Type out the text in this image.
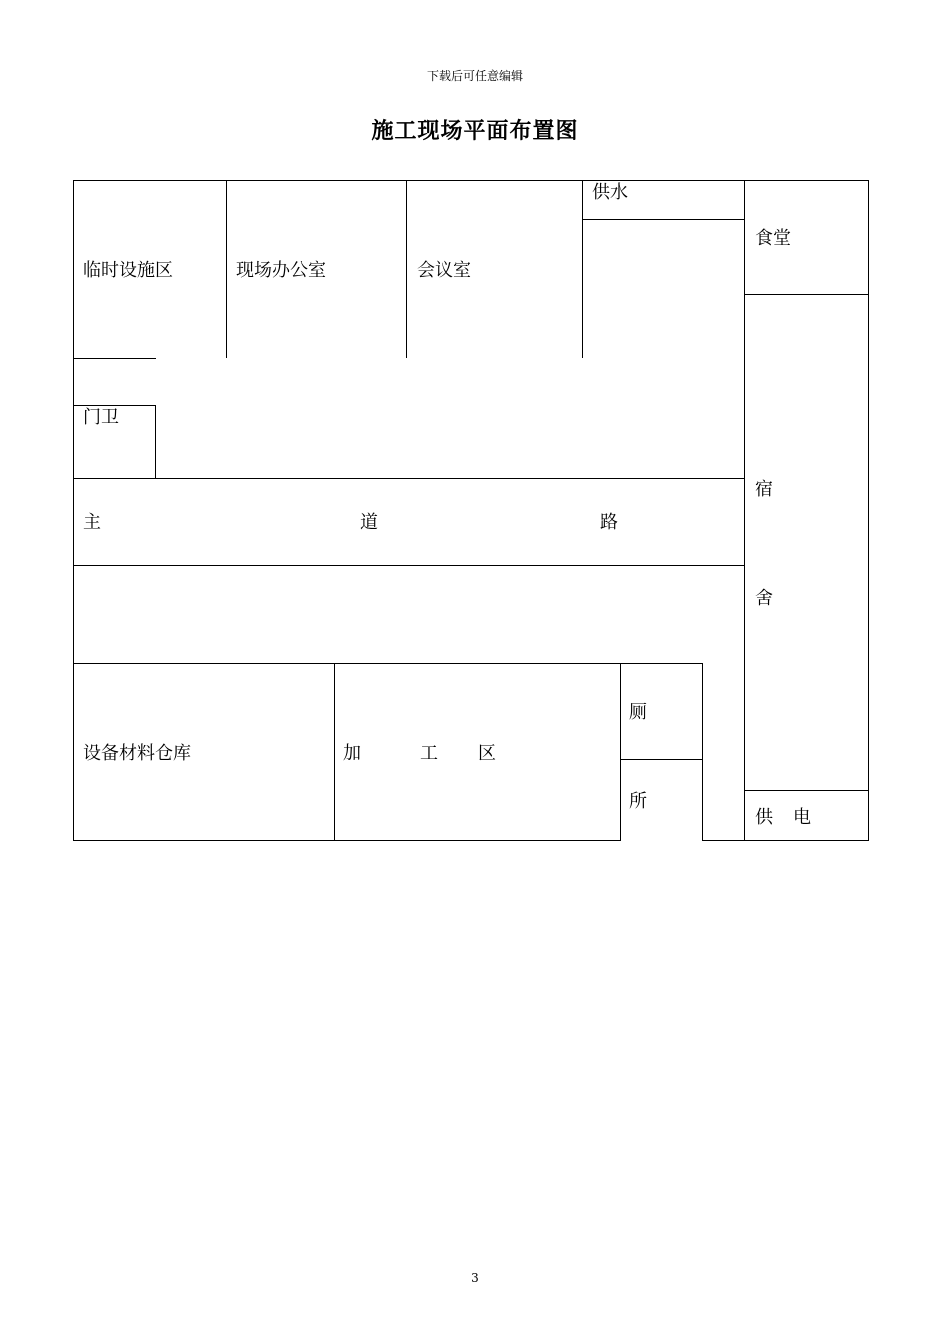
下载后可任意编辑
施工现场平面布置图
临时设施区	现场办公室	会议室
供水
食堂
门卫
主	道	路
宿
舍
设备材料仓库	加	工 区
厕
所
供 电
3
